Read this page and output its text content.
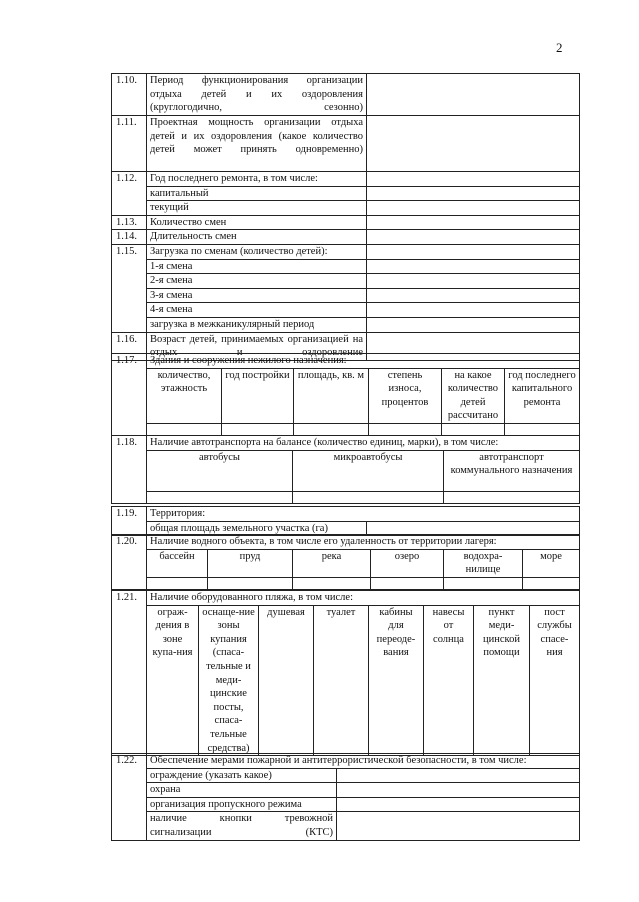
2
1.10.	Период функционирования организации отдыха детей и их оздоровления (круглогодично, сезонно)	
1.11.	Проектная мощность организации отдыха детей и их оздоровления (какое количество детей может принять одновременно)	
1.12.	Год последнего ремонта, в том числе:	
	капитальный	
	текущий	
1.13.	Количество смен	
1.14.	Длительность смен	
1.15.	Загрузка по сменам (количество детей):	
	1-я смена	
	2-я смена	
	3-я смена	
	4-я смена	
	загрузка в межканикулярный период	
1.16.	Возраст детей, принимаемых организацией на отдых и оздоровление	
1.17.	Здания и сооружения нежилого назначения:					
	количество, этажность	год постройки	площадь, кв. м	степень износа, процентов	на какое количество детей рассчитано	год последнего капитального ремонта

1.18.	Наличие автотранспорта на балансе (количество единиц, марки), в том числе:		
	автобусы	микроавтобусы	автотранспорт коммунального назначения

1.19.	Территория:	
	общая площадь земельного участка (га)	
1.20.	Наличие водного объекта, в том числе его удаленность от территории лагеря:					
	бассейн	пруд	река	озеро	водохра-нилище	море

1.21.	Наличие оборудованного пляжа, в том числе:							
	ограж-дения в зоне купа-ния	оснаще-ние зоны купания (спаса-тельные и меди-цинские посты, спаса-тельные средства)	душевая	туалет	кабины для переоде-вания	навесы от солнца	пункт меди-цинской помощи	пост службы спасе-ния
1.22.	Обеспечение мерами пожарной и антитеррористической безопасности, в том числе:	
	ограждение (указать какое)	
	охрана	
	организация пропускного режима	
	наличие кнопки тревожной сигнализации (КТС)	
